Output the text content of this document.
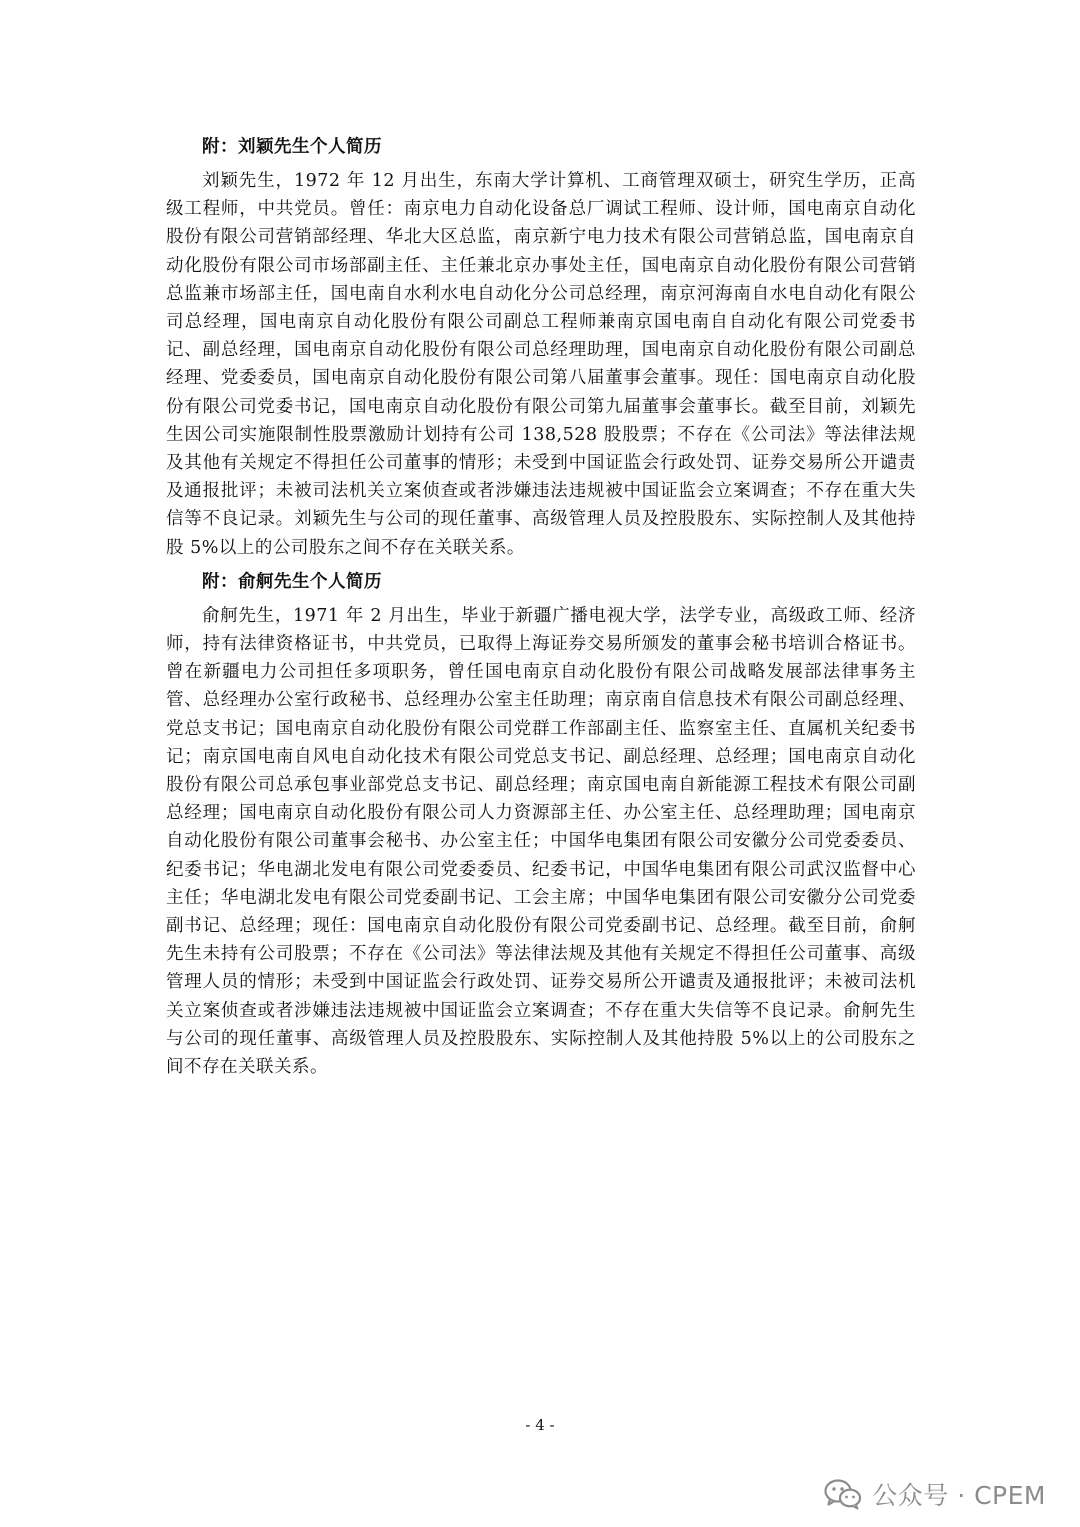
附：刘颖先生个人简历

刘颖先生，1972 年 12 月出生，东南大学计算机、工商管理双硕士，研究生学历，正高级工程师，中共党员。曾任：南京电力自动化设备总厂调试工程师、设计师，国电南京自动化股份有限公司营销部经理、华北大区总监，南京新宁电力技术有限公司营销总监，国电南京自动化股份有限公司市场部副主任、主任兼北京办事处主任，国电南京自动化股份有限公司营销总监兼市场部主任，国电南自水利水电自动化分公司总经理，南京河海南自水电自动化有限公司总经理，国电南京自动化股份有限公司副总工程师兼南京国电南自自动化有限公司党委书记、副总经理，国电南京自动化股份有限公司总经理助理，国电南京自动化股份有限公司副总经理、党委委员，国电南京自动化股份有限公司第八届董事会董事。现任：国电南京自动化股份有限公司党委书记，国电南京自动化股份有限公司第九届董事会董事长。截至目前，刘颖先生因公司实施限制性股票激励计划持有公司 138,528 股股票；不存在《公司法》等法律法规及其他有关规定不得担任公司董事的情形；未受到中国证监会行政处罚、证券交易所公开谴责及通报批评；未被司法机关立案侦查或者涉嫌违法违规被中国证监会立案调查；不存在重大失信等不良记录。刘颖先生与公司的现任董事、高级管理人员及控股股东、实际控制人及其他持股 5%以上的公司股东之间不存在关联关系。

附：俞舸先生个人简历

俞舸先生，1971 年 2 月出生，毕业于新疆广播电视大学，法学专业，高级政工师、经济师，持有法律资格证书，中共党员，已取得上海证券交易所颁发的董事会秘书培训合格证书。曾在新疆电力公司担任多项职务，曾任国电南京自动化股份有限公司战略发展部法律事务主管、总经理办公室行政秘书、总经理办公室主任助理；南京南自信息技术有限公司副总经理、党总支书记；国电南京自动化股份有限公司党群工作部副主任、监察室主任、直属机关纪委书记；南京国电南自风电自动化技术有限公司党总支书记、副总经理、总经理；国电南京自动化股份有限公司总承包事业部党总支书记、副总经理；南京国电南自新能源工程技术有限公司副总经理；国电南京自动化股份有限公司人力资源部主任、办公室主任、总经理助理；国电南京自动化股份有限公司董事会秘书、办公室主任；中国华电集团有限公司安徽分公司党委委员、纪委书记；华电湖北发电有限公司党委委员、纪委书记，中国华电集团有限公司武汉监督中心主任；华电湖北发电有限公司党委副书记、工会主席；中国华电集团有限公司安徽分公司党委副书记、总经理；现任：国电南京自动化股份有限公司党委副书记、总经理。截至目前，俞舸先生未持有公司股票；不存在《公司法》等法律法规及其他有关规定不得担任公司董事、高级管理人员的情形；未受到中国证监会行政处罚、证券交易所公开谴责及通报批评；未被司法机关立案侦查或者涉嫌违法违规被中国证监会立案调查；不存在重大失信等不良记录。俞舸先生与公司的现任董事、高级管理人员及控股股东、实际控制人及其他持股 5%以上的公司股东之间不存在关联关系。

- 4 -
公众号 · CPEM
